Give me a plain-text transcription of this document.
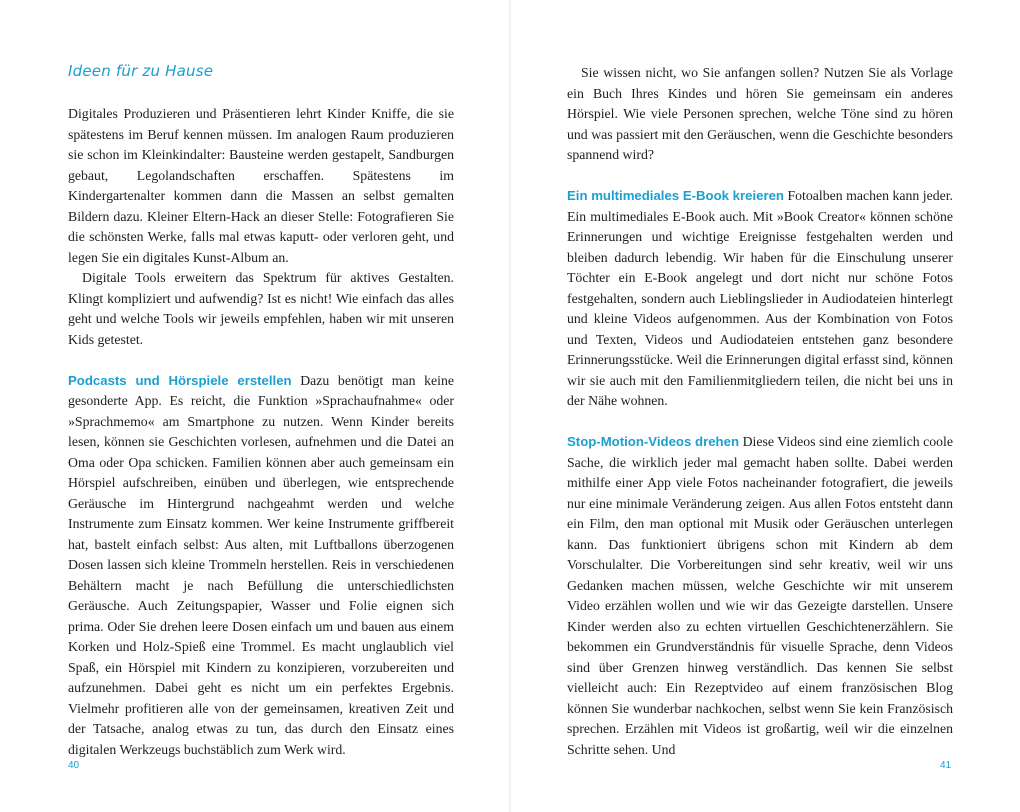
Ideen für zu Hause

Digitales Produzieren und Präsentieren lehrt Kinder Kniffe, die sie spätestens im Beruf kennen müssen. Im analogen Raum produzieren sie schon im Kleinkindalter: Bausteine werden gestapelt, Sandburgen gebaut, Legolandschaften erschaffen. Spätestens im Kindergartenalter kommen dann die Massen an selbst gemalten Bildern dazu. Kleiner Eltern-Hack an dieser Stelle: Fotografieren Sie die schönsten Werke, falls mal etwas kaputt- oder verloren geht, und legen Sie ein digitales Kunst-Album an.

Digitale Tools erweitern das Spektrum für aktives Gestalten. Klingt kompliziert und aufwendig? Ist es nicht! Wie einfach das alles geht und welche Tools wir jeweils empfehlen, haben wir mit unseren Kids getestet.

Podcasts und Hörspiele erstellen Dazu benötigt man keine gesonderte App. Es reicht, die Funktion »Sprachaufnahme« oder »Sprachmemo« am Smartphone zu nutzen. Wenn Kinder bereits lesen, können sie Geschichten vorlesen, aufnehmen und die Datei an Oma oder Opa schicken. Familien können aber auch gemeinsam ein Hörspiel aufschreiben, einüben und überlegen, wie entsprechende Geräusche im Hintergrund nachgeahmt werden und welche Instrumente zum Einsatz kommen. Wer keine Instrumente griffbereit hat, bastelt einfach selbst: Aus alten, mit Luftballons überzogenen Dosen lassen sich kleine Trommeln herstellen. Reis in verschiedenen Behältern macht je nach Befüllung die unterschiedlichsten Geräusche. Auch Zeitungspapier, Wasser und Folie eignen sich prima. Oder Sie drehen leere Dosen einfach um und bauen aus einem Korken und Holz-Spieß eine Trommel. Es macht unglaublich viel Spaß, ein Hörspiel mit Kindern zu konzipieren, vorzubereiten und aufzunehmen. Dabei geht es nicht um ein perfektes Ergebnis. Vielmehr profitieren alle von der gemeinsamen, kreativen Zeit und der Tatsache, analog etwas zu tun, das durch den Einsatz eines digitalen Werkzeugs buchstäblich zum Werk wird.

40

Sie wissen nicht, wo Sie anfangen sollen? Nutzen Sie als Vorlage ein Buch Ihres Kindes und hören Sie gemeinsam ein anderes Hörspiel. Wie viele Personen sprechen, welche Töne sind zu hören und was passiert mit den Geräuschen, wenn die Geschichte besonders spannend wird?

Ein multimediales E-Book kreieren Fotoalben machen kann jeder. Ein multimediales E-Book auch. Mit »Book Creator« können schöne Erinnerungen und wichtige Ereignisse festgehalten werden und bleiben dadurch lebendig. Wir haben für die Einschulung unserer Töchter ein E-Book angelegt und dort nicht nur schöne Fotos festgehalten, sondern auch Lieblingslieder in Audiodateien hinterlegt und kleine Videos aufgenommen. Aus der Kombination von Fotos und Texten, Videos und Audiodateien entstehen ganz besondere Erinnerungsstücke. Weil die Erinnerungen digital erfasst sind, können wir sie auch mit den Familienmitgliedern teilen, die nicht bei uns in der Nähe wohnen.

Stop-Motion-Videos drehen Diese Videos sind eine ziemlich coole Sache, die wirklich jeder mal gemacht haben sollte. Dabei werden mithilfe einer App viele Fotos nacheinander fotografiert, die jeweils nur eine minimale Veränderung zeigen. Aus allen Fotos entsteht dann ein Film, den man optional mit Musik oder Geräuschen unterlegen kann. Das funktioniert übrigens schon mit Kindern ab dem Vorschulalter. Die Vorbereitungen sind sehr kreativ, weil wir uns Gedanken machen müssen, welche Geschichte wir mit unserem Video erzählen wollen und wie wir das Gezeigte darstellen. Unsere Kinder werden also zu echten virtuellen Geschichtenerzählern. Sie bekommen ein Grundverständnis für visuelle Sprache, denn Videos sind über Grenzen hinweg verständlich. Das kennen Sie selbst vielleicht auch: Ein Rezeptvideo auf einem französischen Blog können Sie wunderbar nachkochen, selbst wenn Sie kein Französisch sprechen. Erzählen mit Videos ist großartig, weil wir die einzelnen Schritte sehen. Und

41
